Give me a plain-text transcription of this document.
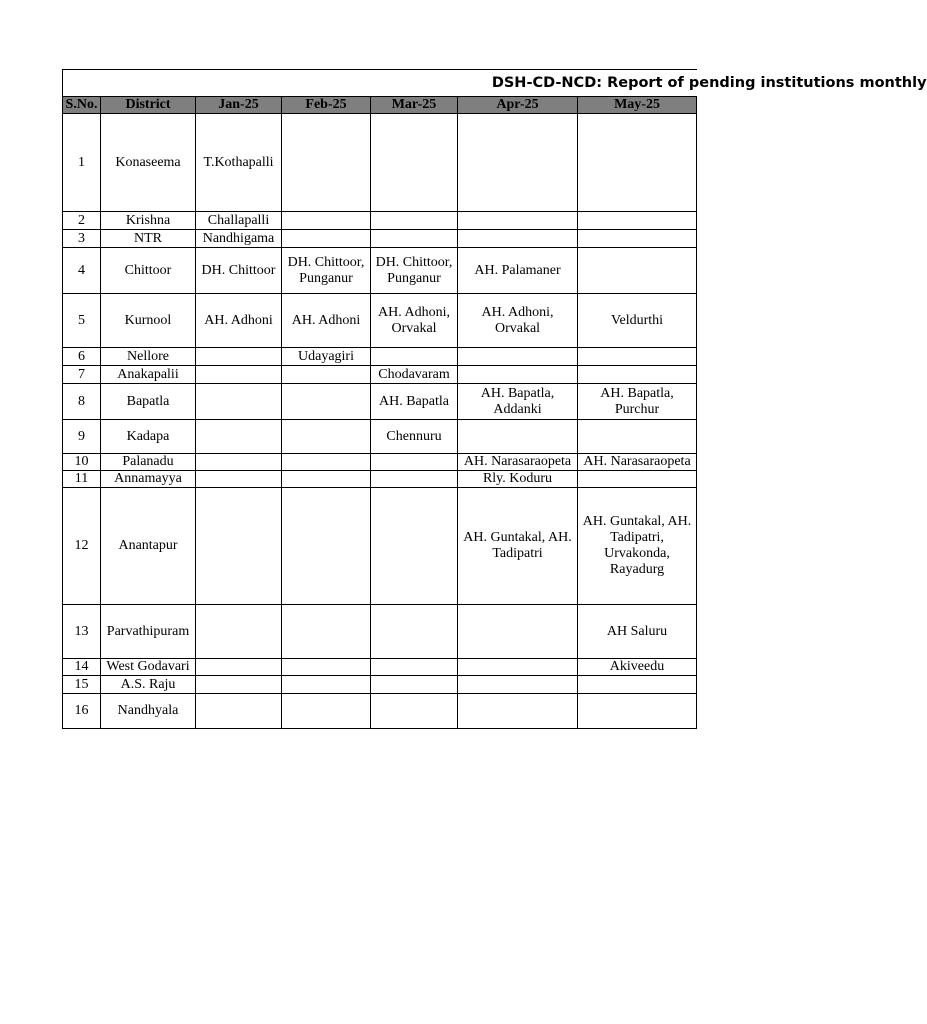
DSH-CD-NCD: Report of pending institutions monthly						
S.No.	District	Jan-25	Feb-25	Mar-25	Apr-25	May-25
1	Konaseema	T.Kothapalli				
2	Krishna	Challapalli				
3	NTR	Nandhigama				
4	Chittoor	DH. Chittoor	DH. Chittoor, Punganur	DH. Chittoor, Punganur	AH. Palamaner	
5	Kurnool	AH. Adhoni	AH. Adhoni	AH. Adhoni, Orvakal	AH. Adhoni, Orvakal	Veldurthi
6	Nellore		Udayagiri			
7	Anakapalii			Chodavaram		
8	Bapatla			AH. Bapatla	AH. Bapatla, Addanki	AH. Bapatla, Purchur
9	Kadapa			Chennuru		
10	Palanadu				AH. Narasaraopeta	AH. Narasaraopeta
11	Annamayya				Rly. Koduru	
12	Anantapur				AH. Guntakal, AH. Tadipatri	AH. Guntakal, AH. Tadipatri, Urvakonda, Rayadurg
13	Parvathipuram					AH Saluru
14	West Godavari					Akiveedu
15	A.S. Raju					
16	Nandhyala					
